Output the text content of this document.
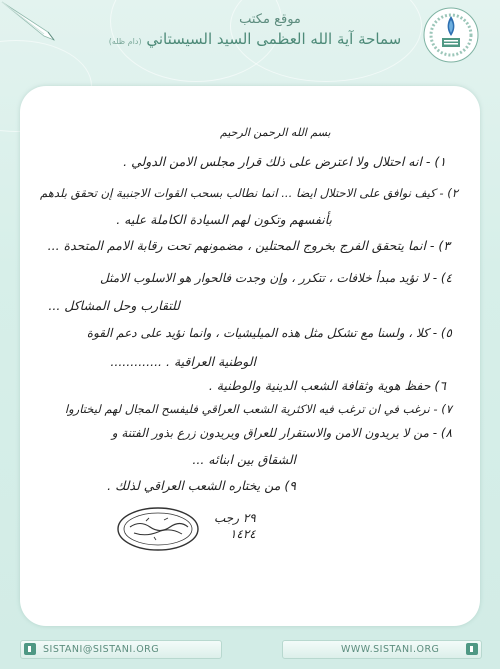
موقع مكتب
سماحة آية الله العظمى السيد السيستاني (دام ظله)
بسم الله الرحمن الرحيم
١) - انه احتلال ولا اعترض على ذلك قرار مجلس الامن الدولي .
٢) - كيف نوافق على الاحتلال ايضا ... انما نطالب بسحب القوات الاجنبية إن تحقق بلدهم
بأنفسهم وتكون لهم السيادة الكاملة عليه .
٣) - انما يتحقق الفرج بخروج المحتلين ، مضمونهم تحت رقابة الامم المتحدة ...
٤) - لا نؤيد مبدأ خلافات ، تتكرر ، وإن وجدت فالحوار هو الاسلوب الامثل
للتقارب وحل المشاكل ...
٥) - كلا ، ولسنا مع تشكل مثل هذه الميليشيات ، وانما نؤيد على دعم القوة
الوطنية العراقية . .............
٦) حفظ هوية وثقافة الشعب الدينية والوطنية .
٧) - نرغب في ان ترغب فيه الاكثرية الشعب العراقي فليفسح المجال لهم ليختاروا
٨) - من لا يريدون الامن والاستقرار للعراق ويريدون زرع بذور الفتنة و
الشقاق بين ابنائه ...
٩) من يختاره الشعب العراقي لذلك .
٢٩ رجب
١٤٢٤
SISTANI@SISTANI.ORG	WWW.SISTANI.ORG
